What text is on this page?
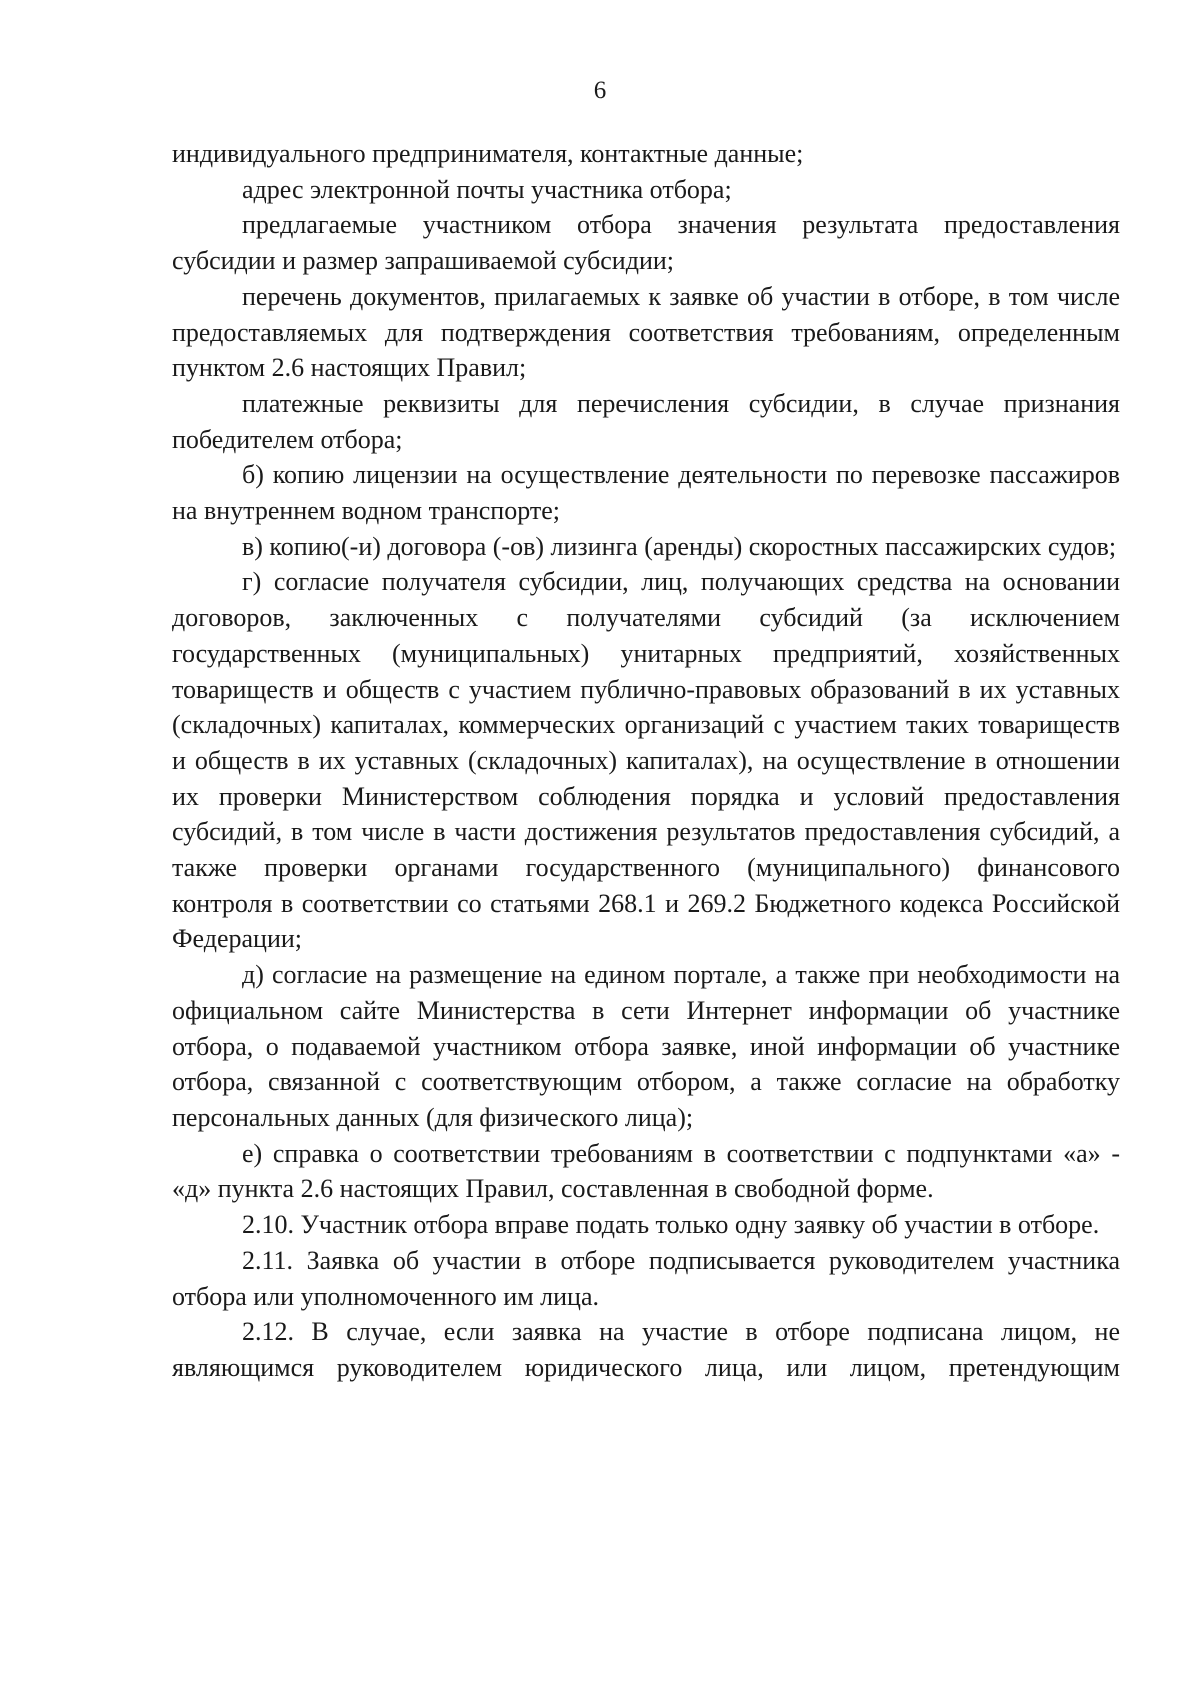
6

индивидуального предпринимателя, контактные данные;

адрес электронной почты участника отбора;

предлагаемые участником отбора значения результата предоставления субсидии и размер запрашиваемой субсидии;

перечень документов, прилагаемых к заявке об участии в отборе, в том числе предоставляемых для подтверждения соответствия требованиям, определенным пунктом 2.6 настоящих Правил;

платежные реквизиты для перечисления субсидии, в случае признания победителем отбора;

б) копию лицензии на осуществление деятельности по перевозке пассажиров на внутреннем водном транспорте;

в) копию(-и) договора (-ов) лизинга (аренды) скоростных пассажирских судов;

г) согласие получателя субсидии, лиц, получающих средства на основании договоров, заключенных с получателями субсидий (за исключением государственных (муниципальных) унитарных предприятий, хозяйственных товариществ и обществ с участием публично-правовых образований в их уставных (складочных) капиталах, коммерческих организаций с участием таких товариществ и обществ в их уставных (складочных) капиталах), на осуществление в отношении их проверки Министерством соблюдения порядка и условий предоставления субсидий, в том числе в части достижения результатов предоставления субсидий, а также проверки органами государственного (муниципального) финансового контроля в соответствии со статьями 268.1 и 269.2 Бюджетного кодекса Российской Федерации;

д) согласие на размещение на едином портале, а также при необходимости на официальном сайте Министерства в сети Интернет информации об участнике отбора, о подаваемой участником отбора заявке, иной информации об участнике отбора, связанной с соответствующим отбором, а также согласие на обработку персональных данных (для физического лица);

е) справка о соответствии требованиям в соответствии с подпунктами «а» - «д» пункта 2.6 настоящих Правил, составленная в свободной форме.

2.10. Участник отбора вправе подать только одну заявку об участии в отборе.

2.11. Заявка об участии в отборе подписывается руководителем участника отбора или уполномоченного им лица.

2.12. В случае, если заявка на участие в отборе подписана лицом, не являющимся руководителем юридического лица, или лицом, претендующим
